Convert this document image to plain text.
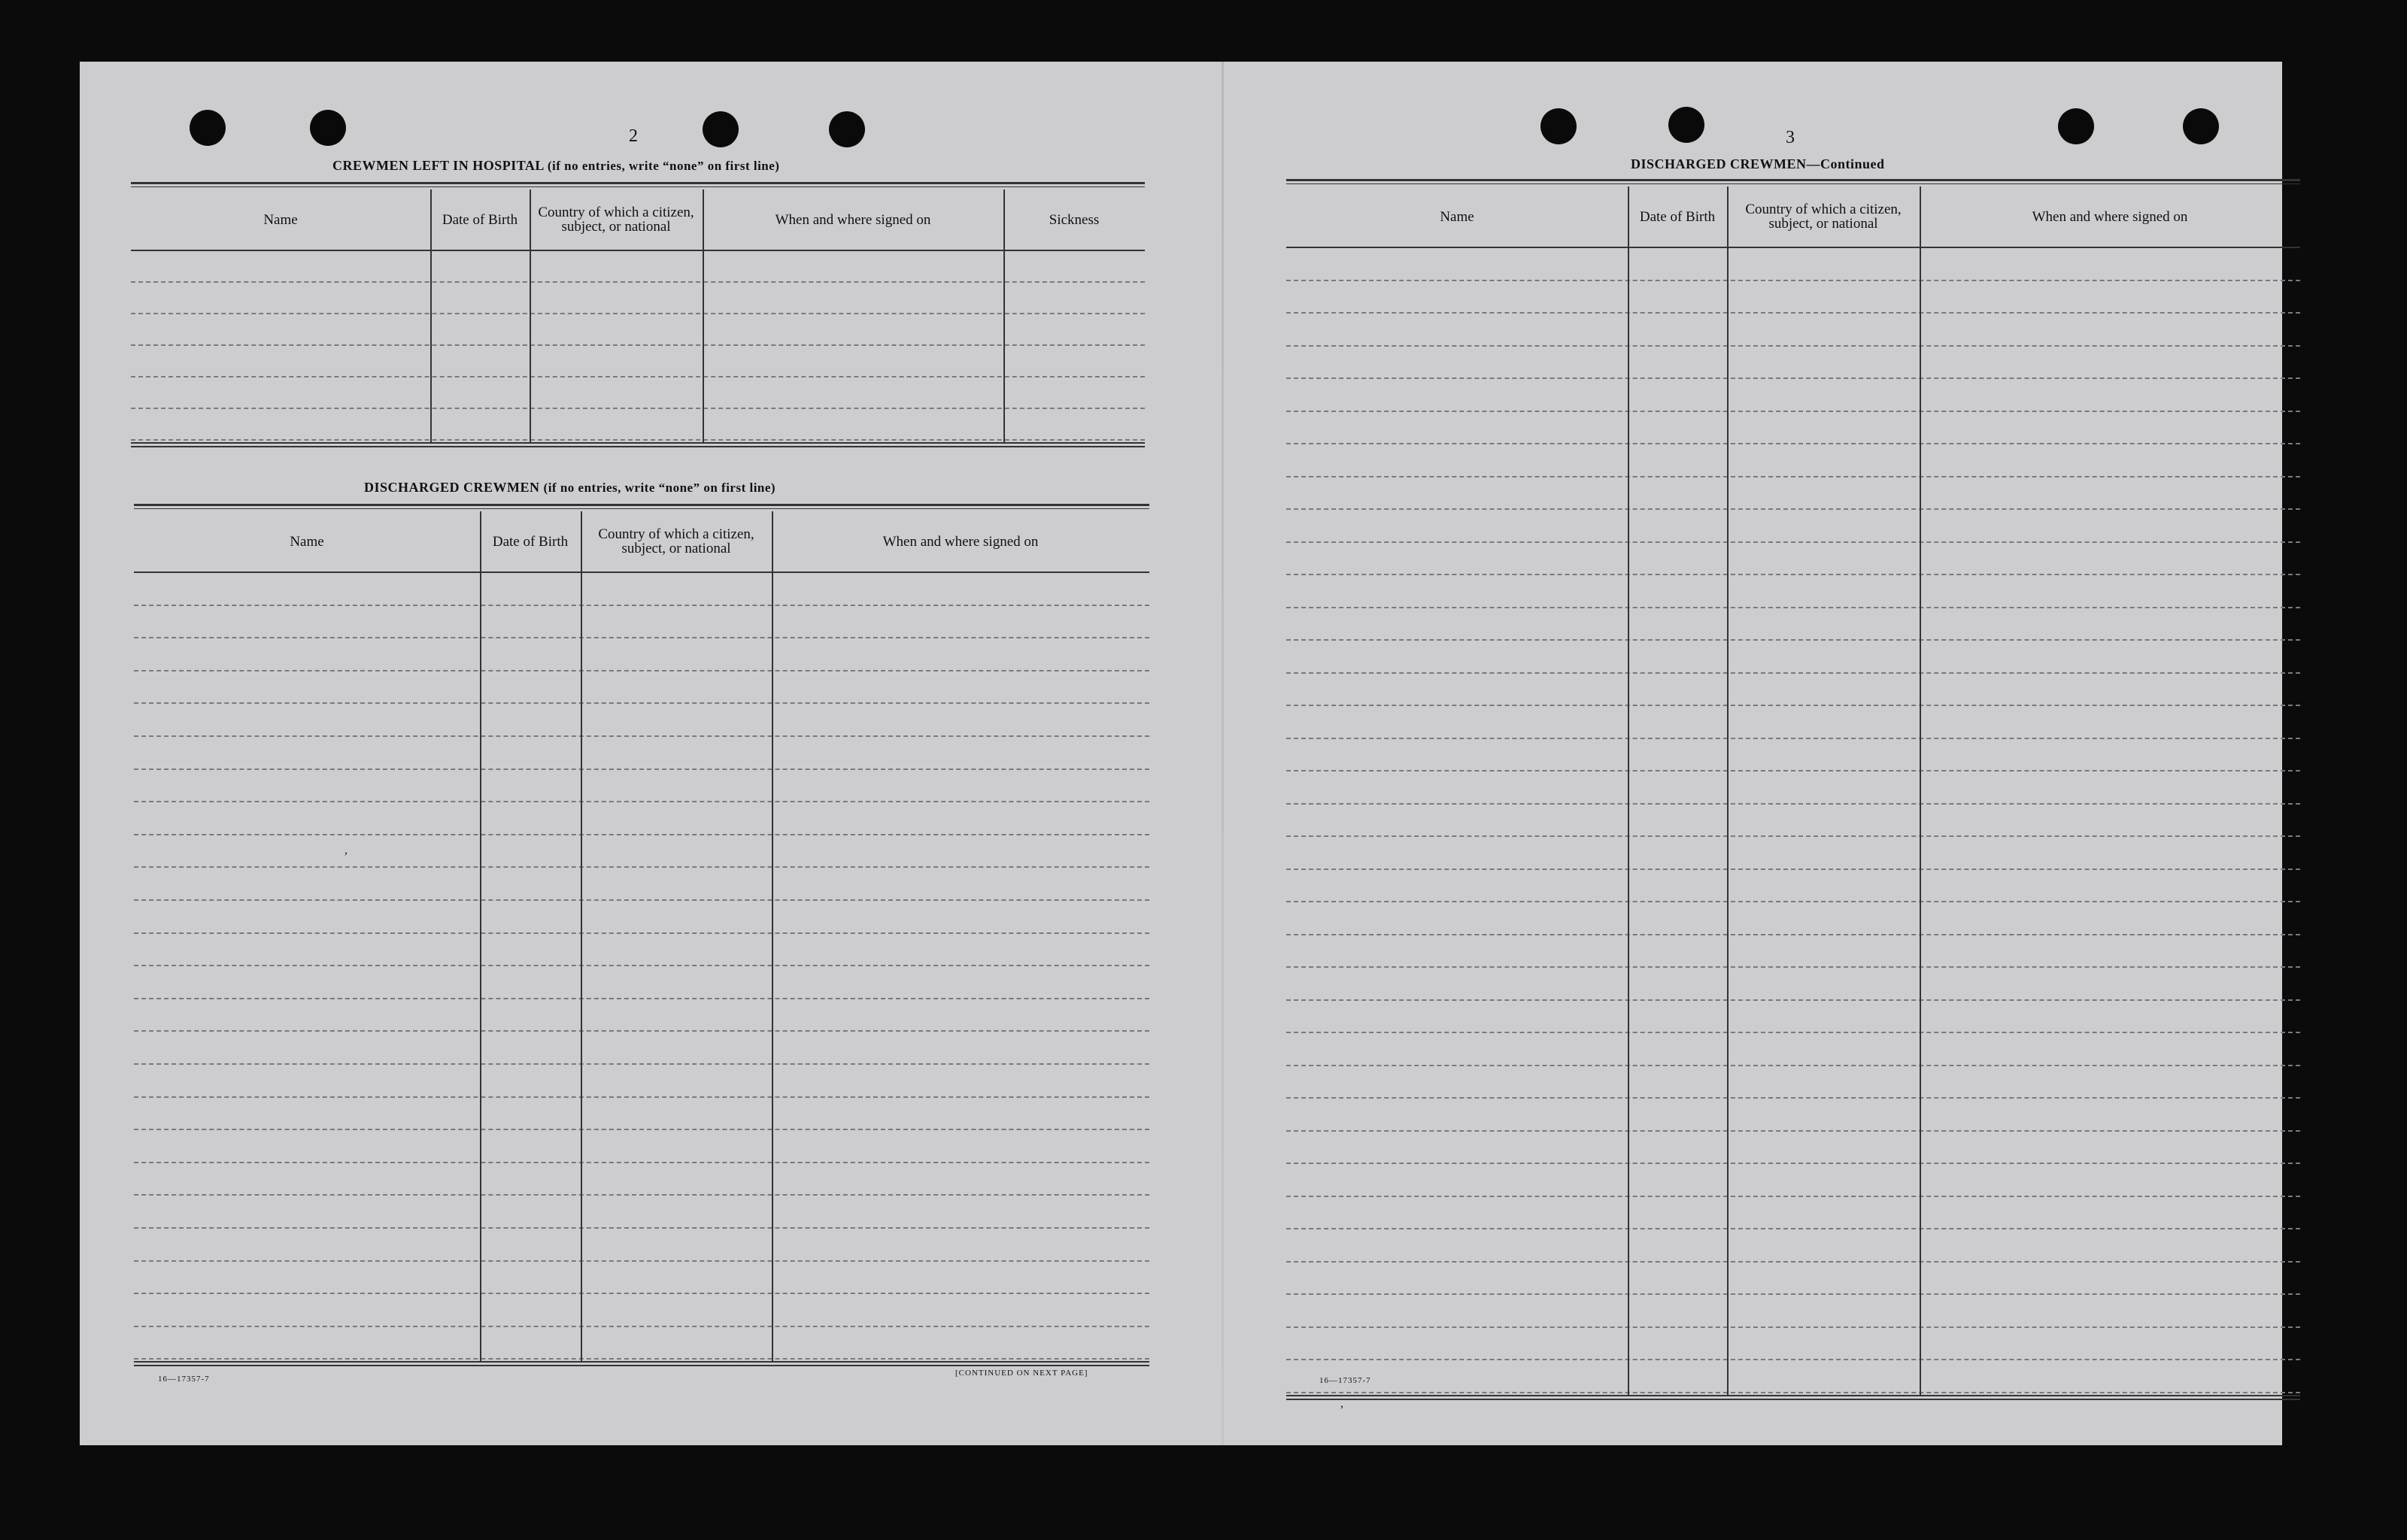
2
CREWMEN LEFT IN HOSPITAL (if no entries, write “none” on first line)
Name	Date of Birth	Country of which a citizen, subject, or national	When and where signed on	Sickness
DISCHARGED CREWMEN (if no entries, write “none” on first line)
Name	Date of Birth	Country of which a citizen, subject, or national	When and where signed on
16—17357-7
[CONTINUED ON NEXT PAGE]
,
3
DISCHARGED CREWMEN—Continued
Name	Date of Birth	Country of which a citizen, subject, or national	When and where signed on
16—17357-7
,
